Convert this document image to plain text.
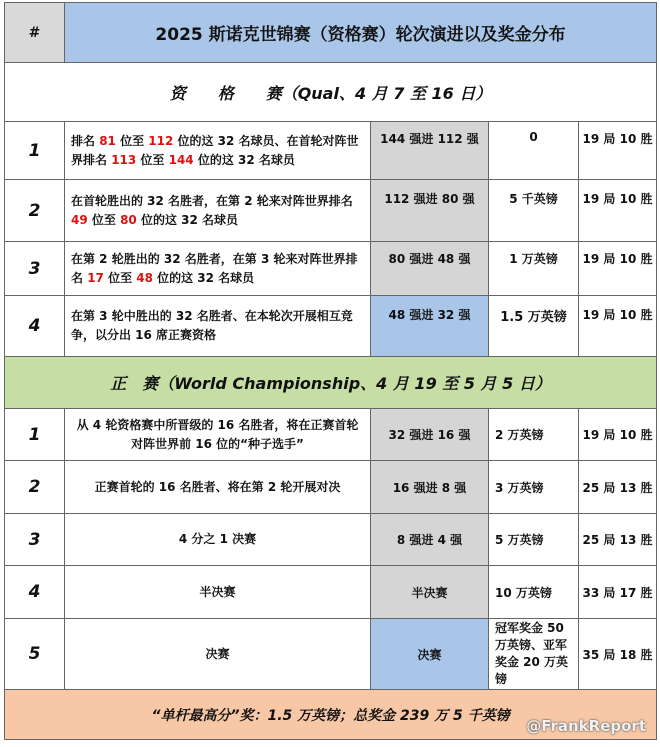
#	2025 斯诺克世锦赛（资格赛）轮次演进以及奖金分布			
资　　格　　赛（Qual、4 月 7 至 16 日）				
1	排名 81 位至 112 位的这 32 名球员、在首轮对阵世界排名 113 位至 144 位的这 32 名球员	144 强进 112 强	0	19 局 10 胜
2	在首轮胜出的 32 名胜者，在第 2 轮来对阵世界排名 49 位至 80 位的这 32 名球员	112 强进 80 强	5 千英镑	19 局 10 胜
3	在第 2 轮胜出的 32 名胜者，在第 3 轮来对阵世界排名 17 位至 48 位的这 32 名球员	80 强进 48 强	1 万英镑	19 局 10 胜
4	在第 3 轮中胜出的 32 名胜者、在本轮次开展相互竞争，以分出 16 席正赛资格	48 强进 32 强	1.5 万英镑	19 局 10 胜
正　赛（World Championship、4 月 19 至 5 月 5 日）				
1	从 4 轮资格赛中所晋级的 16 名胜者，将在正赛首轮对阵世界前 16 位的“种子选手”	32 强进 16 强	2 万英镑	19 局 10 胜
2	正赛首轮的 16 名胜者、将在第 2 轮开展对决	16 强进 8 强	3 万英镑	25 局 13 胜
3	4 分之 1 决赛	8 强进 4 强	5 万英镑	25 局 13 胜
4	半决赛	半决赛	10 万英镑	33 局 17 胜
5	决赛	决赛	冠军奖金 50 万英镑、亚军奖金 20 万英镑	35 局 18 胜
“单杆最高分”奖：1.5 万英镑；总奖金 239 万 5 千英镑				
@FrankReport
